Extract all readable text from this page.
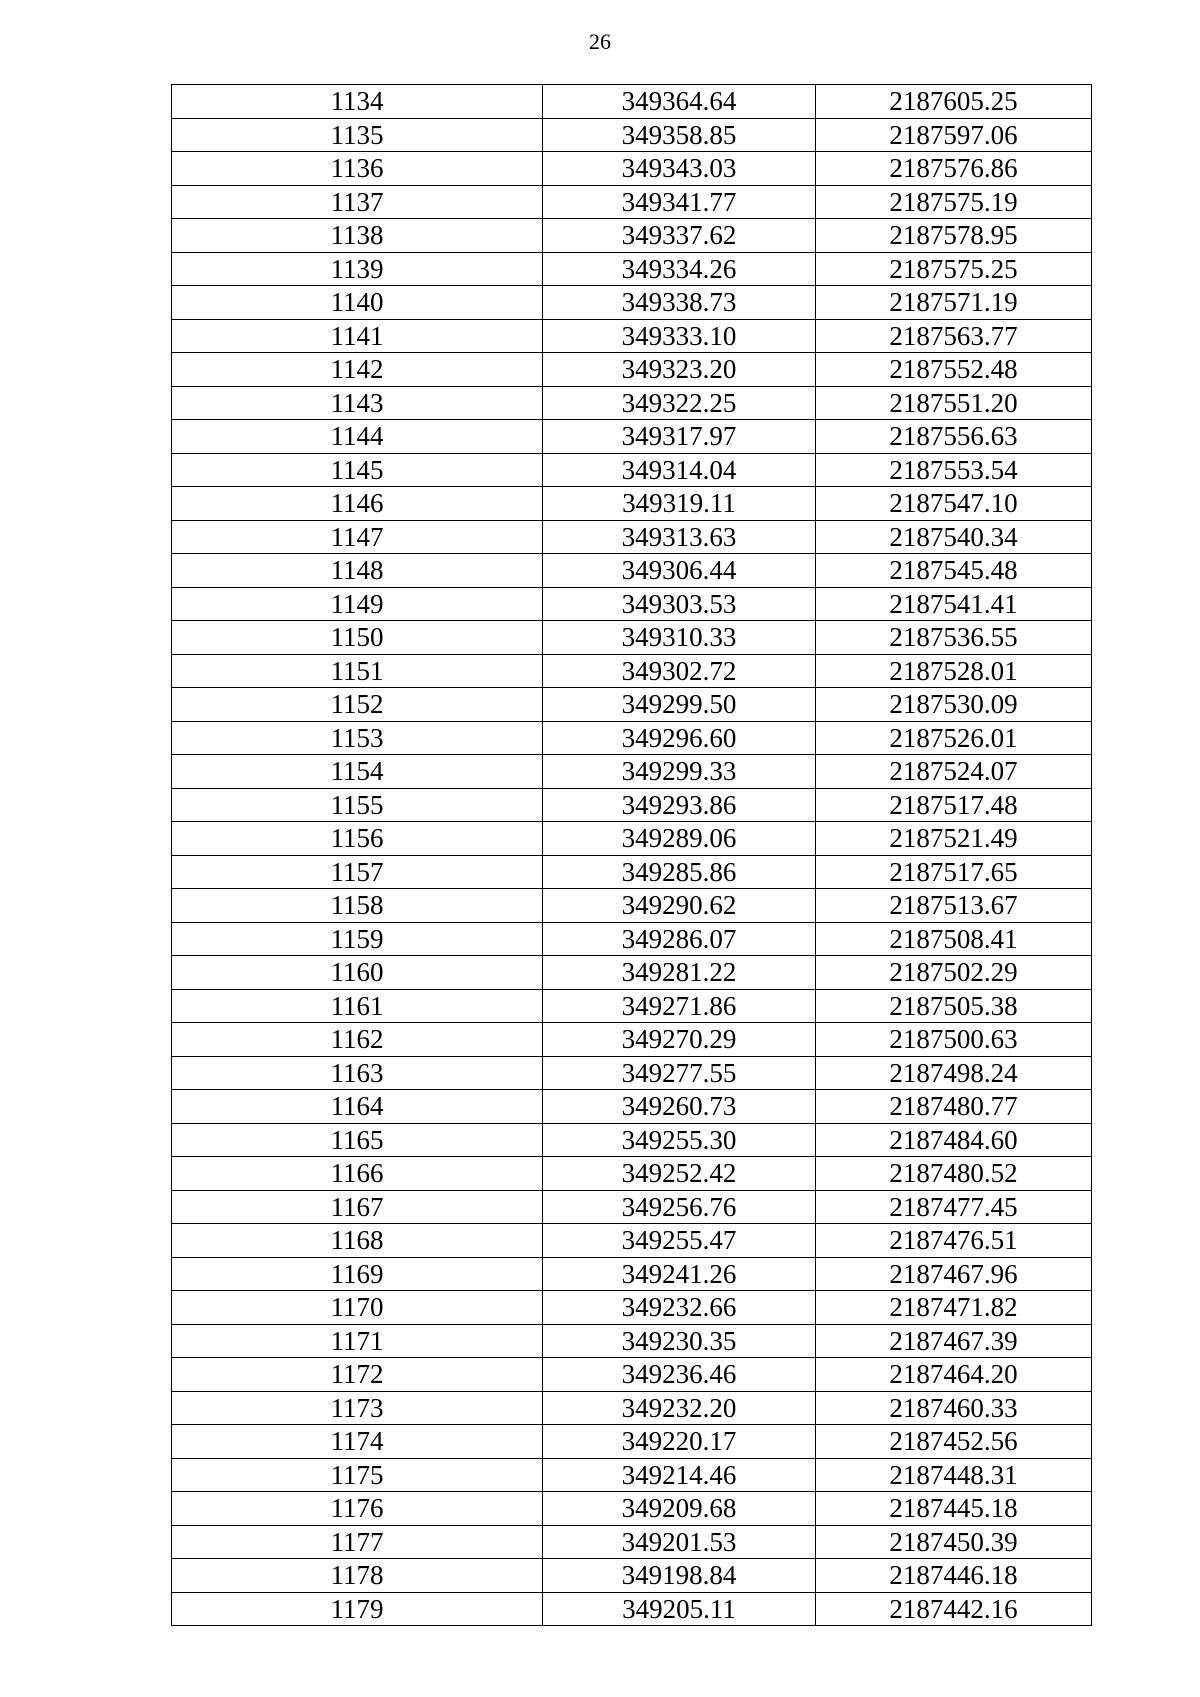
26
1134	349364.64	2187605.25
1135	349358.85	2187597.06
1136	349343.03	2187576.86
1137	349341.77	2187575.19
1138	349337.62	2187578.95
1139	349334.26	2187575.25
1140	349338.73	2187571.19
1141	349333.10	2187563.77
1142	349323.20	2187552.48
1143	349322.25	2187551.20
1144	349317.97	2187556.63
1145	349314.04	2187553.54
1146	349319.11	2187547.10
1147	349313.63	2187540.34
1148	349306.44	2187545.48
1149	349303.53	2187541.41
1150	349310.33	2187536.55
1151	349302.72	2187528.01
1152	349299.50	2187530.09
1153	349296.60	2187526.01
1154	349299.33	2187524.07
1155	349293.86	2187517.48
1156	349289.06	2187521.49
1157	349285.86	2187517.65
1158	349290.62	2187513.67
1159	349286.07	2187508.41
1160	349281.22	2187502.29
1161	349271.86	2187505.38
1162	349270.29	2187500.63
1163	349277.55	2187498.24
1164	349260.73	2187480.77
1165	349255.30	2187484.60
1166	349252.42	2187480.52
1167	349256.76	2187477.45
1168	349255.47	2187476.51
1169	349241.26	2187467.96
1170	349232.66	2187471.82
1171	349230.35	2187467.39
1172	349236.46	2187464.20
1173	349232.20	2187460.33
1174	349220.17	2187452.56
1175	349214.46	2187448.31
1176	349209.68	2187445.18
1177	349201.53	2187450.39
1178	349198.84	2187446.18
1179	349205.11	2187442.16
